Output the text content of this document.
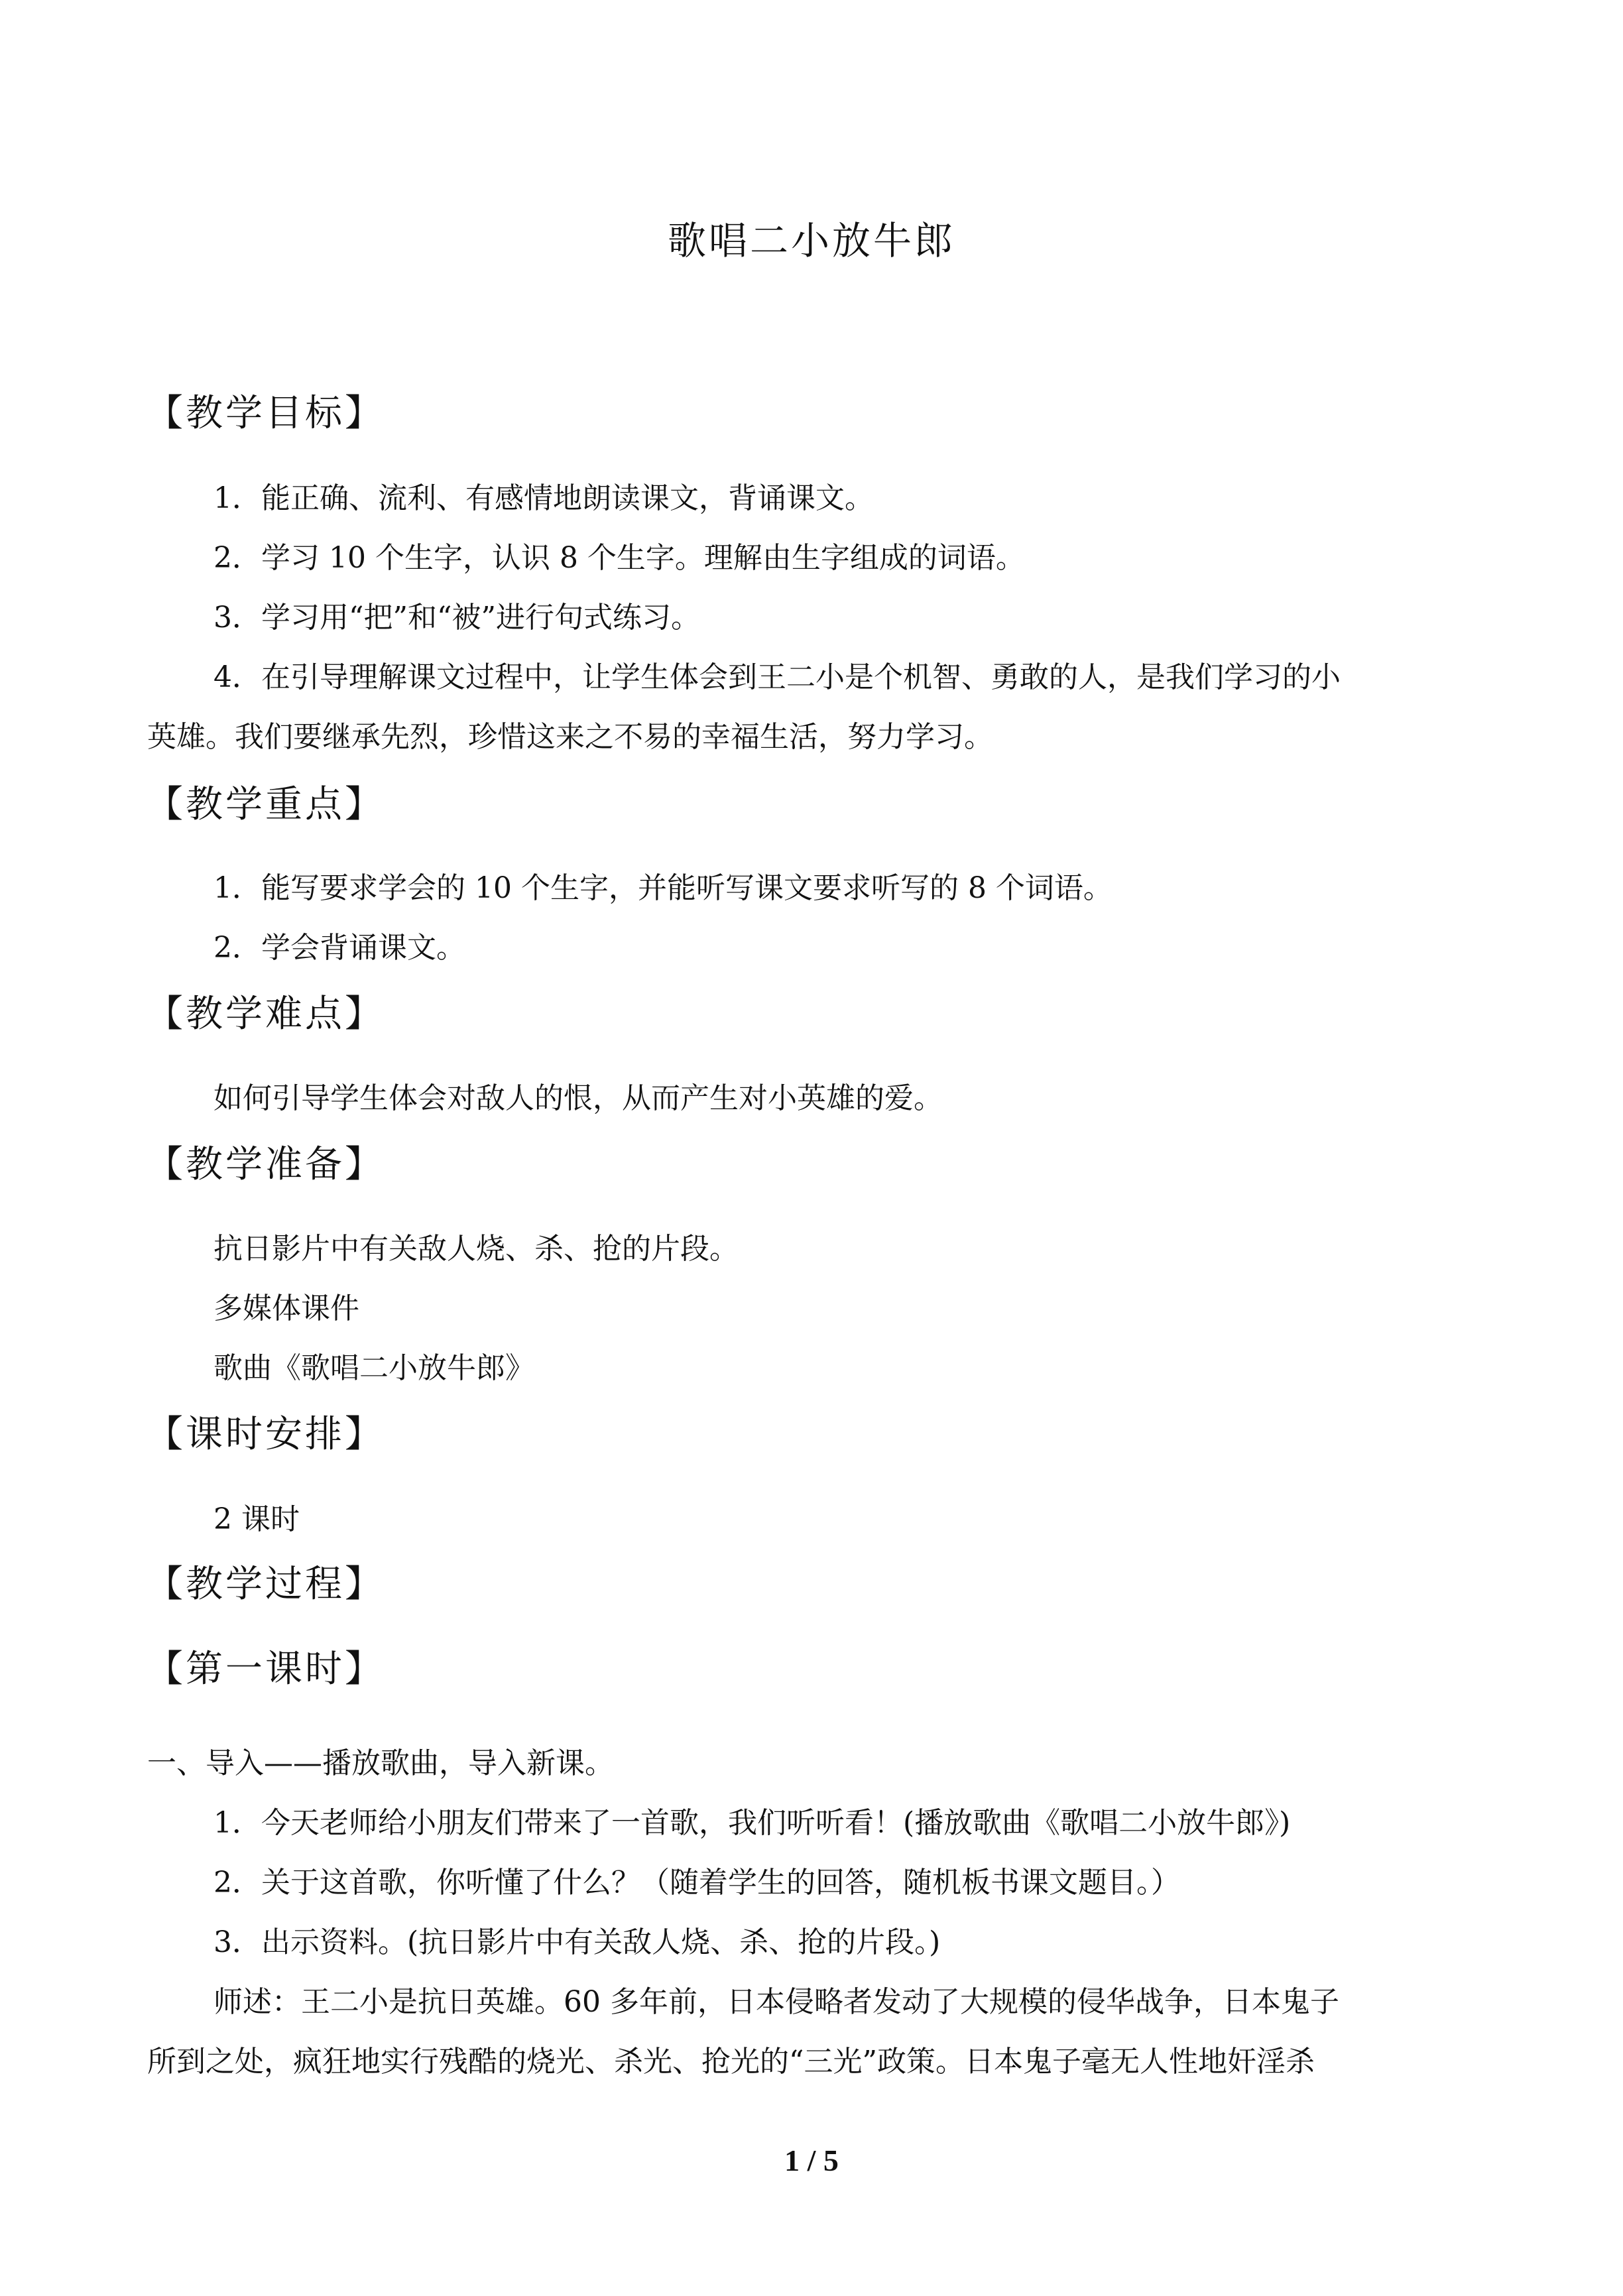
歌唱二小放牛郎
【教学目标】
1．能正确、流利、有感情地朗读课文，背诵课文。
2．学习 10 个生字，认识 8 个生字。理解由生字组成的词语。
3．学习用“把”和“被”进行句式练习。
4．在引导理解课文过程中，让学生体会到王二小是个机智、勇敢的人，是我们学习的小
英雄。我们要继承先烈，珍惜这来之不易的幸福生活，努力学习。
【教学重点】
1．能写要求学会的 10 个生字，并能听写课文要求听写的 8 个词语。
2．学会背诵课文。
【教学难点】
如何引导学生体会对敌人的恨，从而产生对小英雄的爱。
【教学准备】
抗日影片中有关敌人烧、杀、抢的片段。
多媒体课件
歌曲《歌唱二小放牛郎》
【课时安排】
2 课时
【教学过程】
【第一课时】
一、导入——播放歌曲，导入新课。
1．今天老师给小朋友们带来了一首歌，我们听听看！(播放歌曲《歌唱二小放牛郎》)
2．关于这首歌，你听懂了什么？（随着学生的回答，随机板书课文题目。）
3．出示资料。(抗日影片中有关敌人烧、杀、抢的片段。)
师述：王二小是抗日英雄。60 多年前，日本侵略者发动了大规模的侵华战争，日本鬼子
所到之处，疯狂地实行残酷的烧光、杀光、抢光的“三光”政策。日本鬼子毫无人性地奸淫杀
1 / 5
